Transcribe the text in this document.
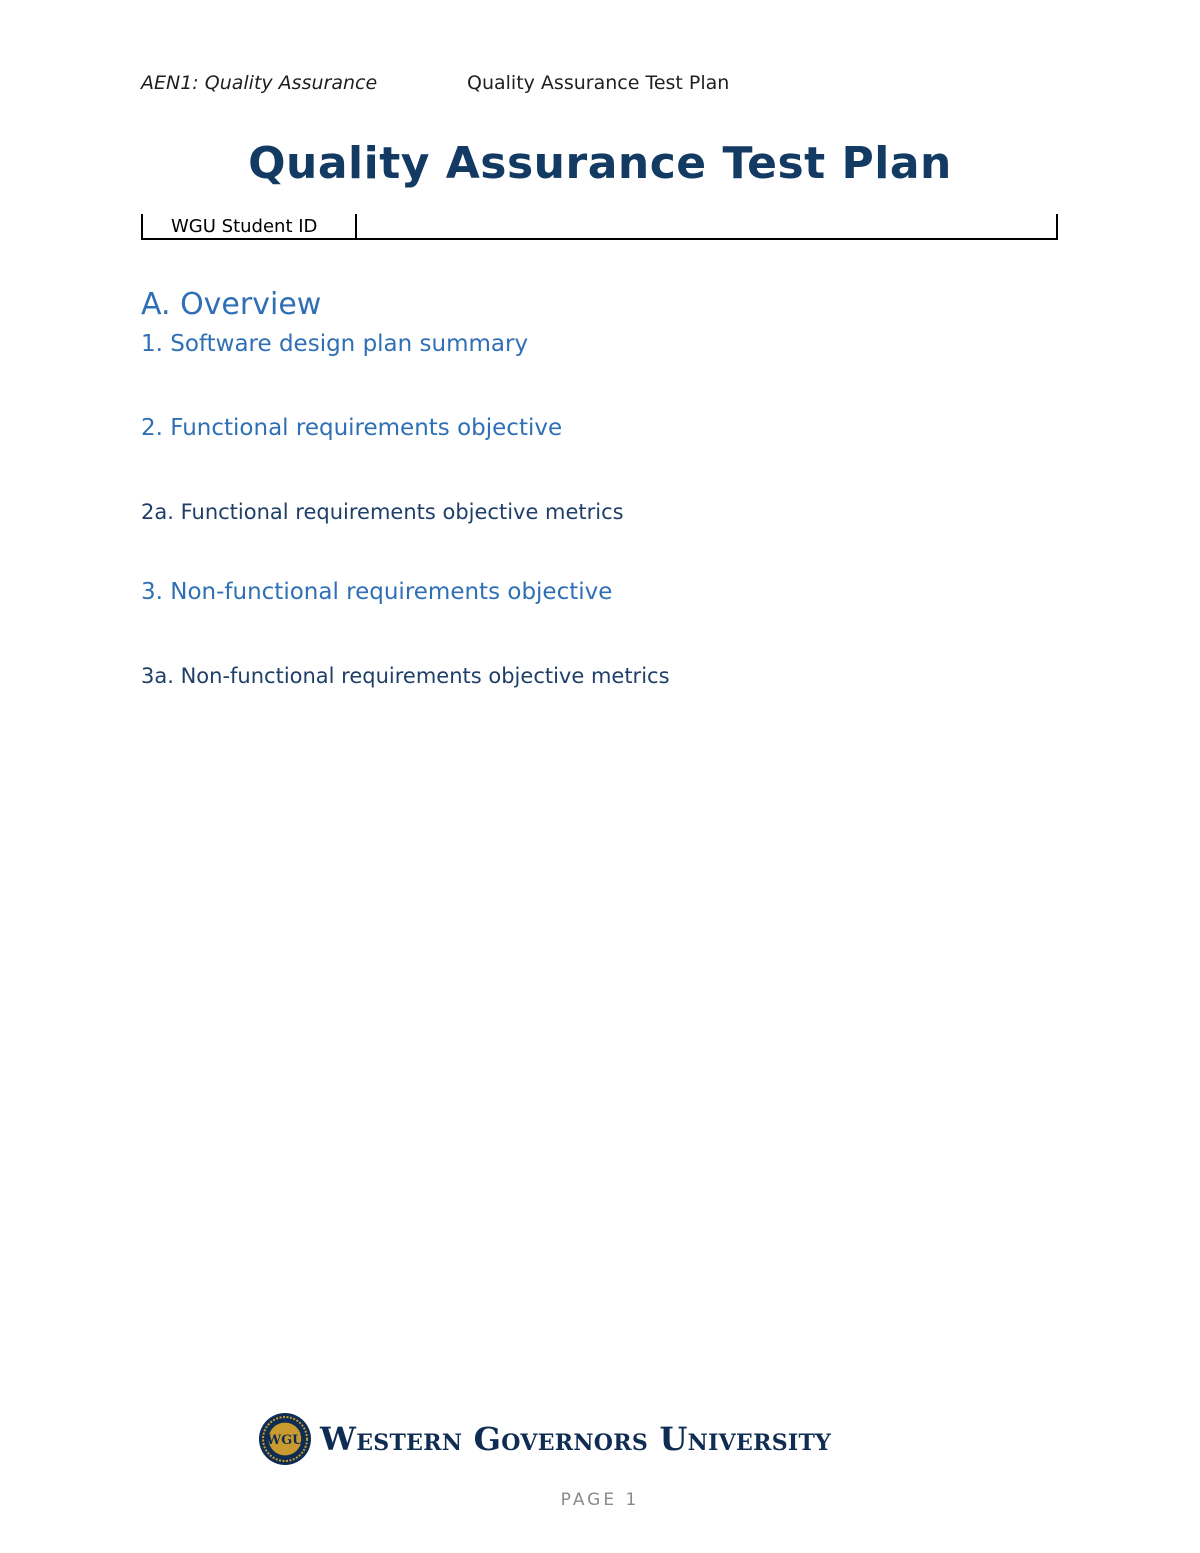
AEN1: Quality Assurance	Quality Assurance Test Plan
Quality Assurance Test Plan
WGU Student ID
A. Overview
1. Software design plan summary
2. Functional requirements objective
2a. Functional requirements objective metrics
3. Non-functional requirements objective
3a. Non-functional requirements objective metrics
WGU Western Governors University
PAGE 1
